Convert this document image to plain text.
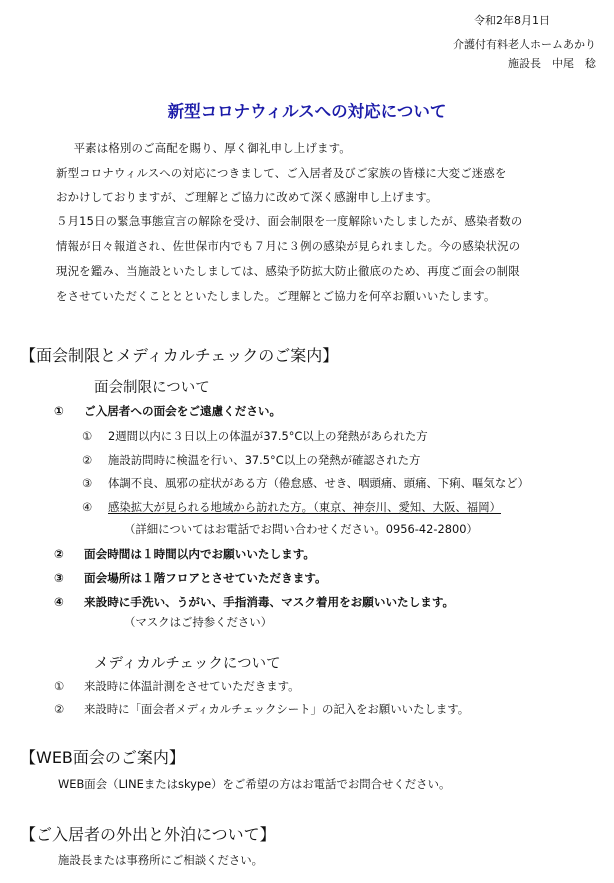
令和2年8月1日
介護付有料老人ホームあかり
施設長　中尾　稔
新型コロナウィルスへの対応について
　平素は格別のご高配を賜り、厚く御礼申し上げます。
新型コロナウィルスへの対応につきまして、ご入居者及びご家族の皆様に大変ご迷惑を
おかけしておりますが、ご理解とご協力に改めて深く感謝申し上げます。
５月15日の緊急事態宣言の解除を受け、面会制限を一度解除いたしましたが、感染者数の
情報が日々報道され、佐世保市内でも７月に３例の感染が見られました。今の感染状況の
現況を鑑み、当施設といたしましては、感染予防拡大防止徹底のため、再度ご面会の制限
をさせていただくこととといたしました。ご理解とご協力を何卒お願いいたします。
【面会制限とメディカルチェックのご案内】
面会制限について
① ご入居者への面会をご遠慮ください。
① 2週間以内に３日以上の体温が37.5°C以上の発熱があられた方
② 施設訪問時に検温を行い、37.5°C以上の発熱が確認された方
③ 体調不良、風邪の症状がある方（倦怠感、せき、咽頭痛、頭痛、下痢、嘔気など）
④ 感染拡大が見られる地域から訪れた方。（東京、神奈川、愛知、大阪、福岡）
（詳細についてはお電話でお問い合わせください。0956-42-2800）
② 面会時間は１時間以内でお願いいたします。
③ 面会場所は１階フロアとさせていただきます。
④ 来設時に手洗い、うがい、手指消毒、マスク着用をお願いいたします。
（マスクはご持参ください）
メディカルチェックについて
① 来設時に体温計測をさせていただきます。
② 来設時に「面会者メディカルチェックシート」の記入をお願いいたします。
【WEB面会のご案内】
WEB面会（LINEまたはskype）をご希望の方はお電話でお問合せください。
【ご入居者の外出と外泊について】
施設長または事務所にご相談ください。
